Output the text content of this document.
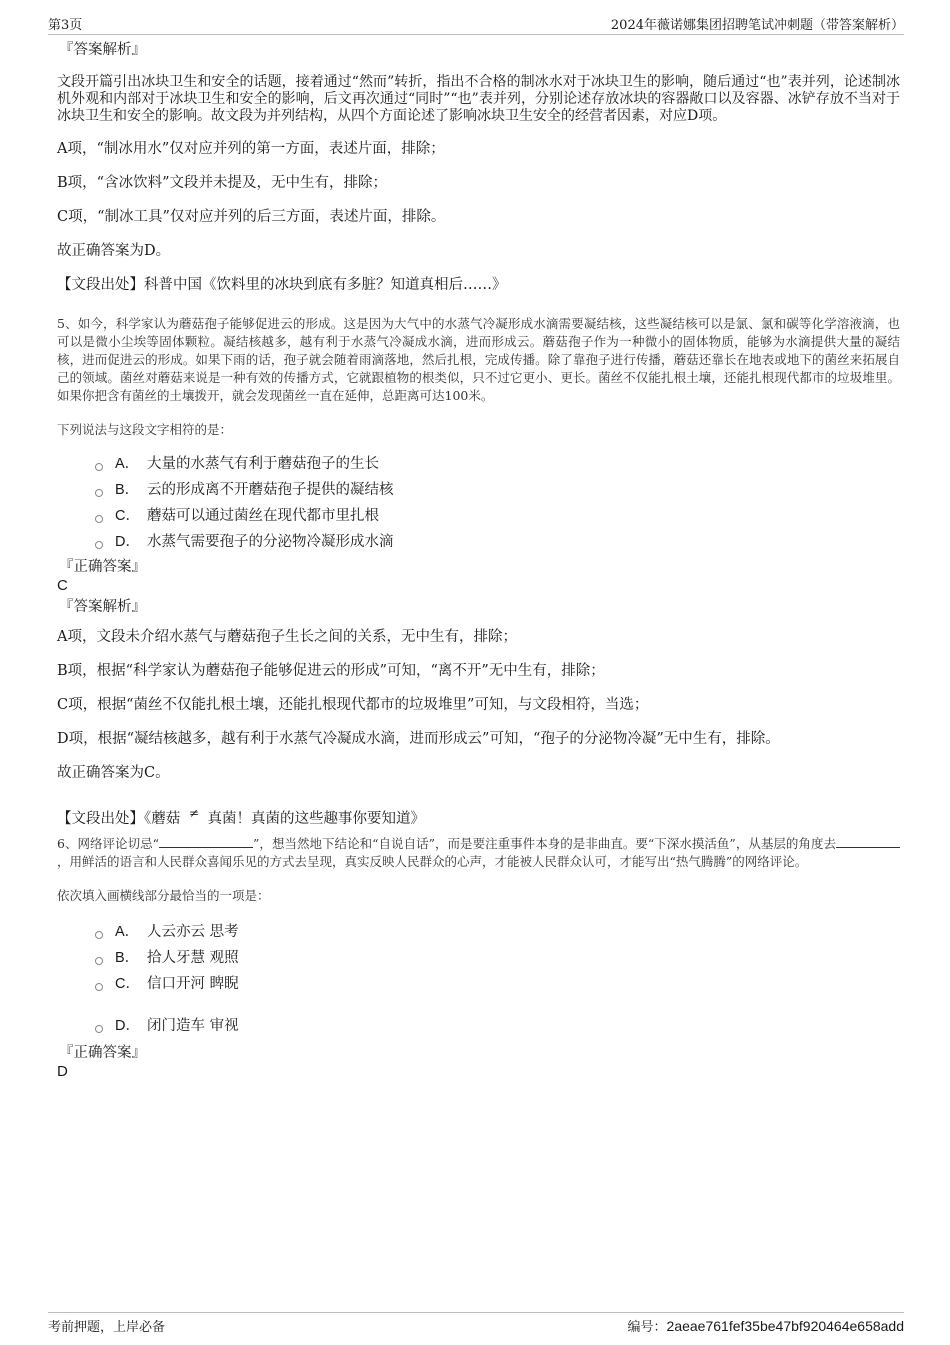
第3页	2024年薇诺娜集团招聘笔试冲刺题（带答案解析）
『答案解析』

文段开篇引出冰块卫生和安全的话题，接着通过“然而”转折，指出不合格的制冰水对于冰块卫生的影响，随后通过“也”表并列，论述制冰机外观和内部对于冰块卫生和安全的影响，后文再次通过“同时”“也”表并列，分别论述存放冰块的容器敞口以及容器、冰铲存放不当对于冰块卫生和安全的影响。故文段为并列结构，从四个方面论述了影响冰块卫生安全的经营者因素，对应D项。

A项，“制冰用水”仅对应并列的第一方面，表述片面，排除；

B项，“含冰饮料”文段并未提及，无中生有，排除；

C项，“制冰工具”仅对应并列的后三方面，表述片面，排除。

故正确答案为D。

【文段出处】科普中国《饮料里的冰块到底有多脏？知道真相后……》

5、如今，科学家认为蘑菇孢子能够促进云的形成。这是因为大气中的水蒸气冷凝形成水滴需要凝结核，这些凝结核可以是氯、氯和碳等化学溶液滴，也可以是微小尘埃等固体颗粒。凝结核越多，越有利于水蒸气冷凝成水滴，进而形成云。蘑菇孢子作为一种微小的固体物质，能够为水滴提供大量的凝结核，进而促进云的形成。如果下雨的话，孢子就会随着雨滴落地，然后扎根，完成传播。除了靠孢子进行传播，蘑菇还靠长在地表或地下的菌丝来拓展自己的领域。菌丝对蘑菇来说是一种有效的传播方式，它就跟植物的根类似，只不过它更小、更长。菌丝不仅能扎根土壤，还能扎根现代都市的垃圾堆里。如果你把含有菌丝的土壤拨开，就会发现菌丝一直在延伸，总距离可达100米。

下列说法与这段文字相符的是：

A． 大量的水蒸气有利于蘑菇孢子的生长
B． 云的形成离不开蘑菇孢子提供的凝结核
C． 蘑菇可以通过菌丝在现代都市里扎根
D． 水蒸气需要孢子的分泌物冷凝形成水滴
『正确答案』
C
『答案解析』

A项，文段未介绍水蒸气与蘑菇孢子生长之间的关系，无中生有，排除；

B项，根据“科学家认为蘑菇孢子能够促进云的形成”可知，“离不开”无中生有，排除；

C项，根据“菌丝不仅能扎根土壤，还能扎根现代都市的垃圾堆里”可知，与文段相符，当选；

D项，根据“凝结核越多，越有利于水蒸气冷凝成水滴，进而形成云”可知，“孢子的分泌物冷凝”无中生有，排除。

故正确答案为C。

【文段出处】《蘑菇 ≠ 真菌！真菌的这些趣事你要知道》

6、网络评论切忌“	”，想当然地下结论和“自说自话”，而是要注重事件本身的是非曲直。要“下深水摸活鱼”，从基层的角度去，用鲜活的语言和人民群众喜闻乐见的方式去呈现，真实反映人民群众的心声，才能被人民群众认可，才能写出“热气腾腾”的网络评论。

依次填入画横线部分最恰当的一项是：

A． 人云亦云 思考
B． 拾人牙慧 观照
C． 信口开河 睥睨
D． 闭门造车 审视
『正确答案』
D
考前押题，上岸必备	编号：2aeae761fef35be47bf920464e658add
